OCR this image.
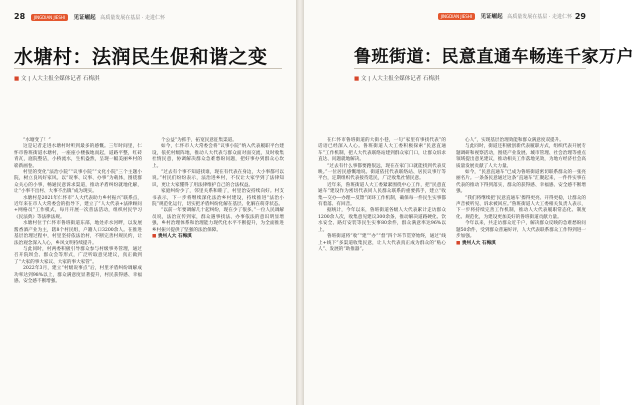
28 JINGDIAN JIESHI 见证崛起 高质量发展在基层 · 走进仁怀
水塘村：法润民生促和谐之变
■ 文 | 人大主报全媒体记者 石梅淇

“水塘变了！”

这是记者走进水塘村时听到最多的感慨。三年时间里，仁怀市鲁班街道水塘村，一座座小楼拔地而起，道路平整，红砖青瓦，庭院整洁，小桥流水，生机盎然，呈现一幅美丽乡村的崭新画卷。

村里的变化“法治小院”“议事小院”“文化小院”三个主题小院，树立良风好家风。以“说事、议事、办事”为载体，围绕群众关心的小事，畅通民意诉求渠道，推动矛盾纠纷就地化解，让“小事不出村、大事不出镇”成为现实。

水塘村是2021年仁怀市“人大代表助力乡村振兴”联系点，近年来在市人大常委会的指导下，建立了“人大代表+法律顾问+网格员”工作模式，每月开展一次普法活动，组织村民学习《民法典》等法律法规。

水塘村位于仁怀市鲁班街道东部，地处赤水河畔，以发展酱香酒产业为主，辖8个村民组，户籍人口3200余人。在推进基层治理过程中，村里坚持依法治村，不断完善村规民约，让法治观念深入人心，乡风文明持续提升。

与此同时，村两委积极引导群众参与村级事务管理，通过召开院坝会、群众会等形式，广泛听取意见建议，真正做到了“大家的事大家议、大家的事大家管”。

2022年3月，建立“村级说事点”后，村里矛盾纠纷调解成功率达到98%以上，群众满意度显著提升，村民获得感、幸福感、安全感不断增强。

个公益”为抓手，拓宽民意征集渠道。

如今，仁怀市人大常委会将“议事小院”纳入代表履职平台建设，依托村级阵地，推动人大代表与群众面对面交流，及时收集社情民意，协调解决群众急难愁盼问题，把好事办到群众心坎上。

“过去有个事不知道找谁，现在有代表在身边，大小事都可以说。”村民们纷纷表示，法治进乡村，不仅让大家学到了法律知识，更让大家懂得了用法律维护自己的合法权益。

家庭纠纷少了，邻里关系和睦了，村里治安持续向好。村支书表示，下一步将继续深化法治乡村建设，持续推进“法治小院”规范化运行，切实把矛盾纠纷化解在基层、化解在萌芽状态。

“以前一年要调解几十起纠纷，现在少了很多。”一位人民调解员说，法治宣传到家，群众遇事找法、办事依法的意识明显增强，乡村治理体系和治理能力现代化水平不断提升，为全面推进乡村振兴提供了坚强的法治保障。

■ 贵州人大 石梅淇
JINGDIAN JIESHI 见证崛起 高质量发展在基层 · 走进仁怀 29
鲁班街道：民意直通车畅连千家万户
■ 文 | 人大主报全媒体记者 石梅淇

在仁怀市鲁班街道的大街小巷，一句“家里有事找代表”的话语已经深入人心。鲁班街道人大工委积极探索“民意直通车”工作机制，把人大代表联络站建到群众家门口，让群众诉求直达、问题就地解决。

“过去有什么事都要跑很远，现在在家门口就能找到代表反映。”一位居民感慨地说。街道依托代表联络站、居民议事厅等平台，定期组织代表接待选民，广泛收集社情民意。

近年来，鲁班街道人大工委紧紧围绕中心工作，把“民意直通车”建设作为密切代表同人民群众联系的重要抓手，建立“收集—交办—办理—反馈”闭环工作机制，确保每一件民生实事都有着落、有回音。

据统计，今年以来，鲁班街道各级人大代表累计走访群众1200余人次，收集意见建议300余条，推动解决道路硬化、饮水安全、路灯安装等民生实事80余件，群众满意率达96%以上。

鲁班街道将“收”“建”“办”“督”四个环节贯穿始终，通过“线上+线下”多渠道收集民意，让人大代表真正成为群众的“贴心人”、发展的“助推器”。

心人”，实现基层治理效能和群众满意度双提升。

与此同时，街道还积极创新代表履职方式，组织代表开展专题调研和视察活动，围绕产业发展、城市管理、社会治理等重点领域提出意见建议，推动相关工作落地见效，为地方经济社会高质量发展贡献了人大力量。

如今，“民意直通车”已成为鲁班街道密切联系群众的一张亮丽名片。一条条民意通过这条“直通车”汇聚起来，一件件实事在代表的推动下得到落实，群众的获得感、幸福感、安全感不断增强。

“我们将继续把‘民意直通车’擦得更亮、开得更稳，让群众的声音被听见、诉求被回应。”鲁班街道人大工委相关负责人表示，下一步将持续完善工作机制，推动人大代表履职常态化、制度化、规范化，为建设更加美好的鲁班街道贡献力量。

今年以来，共走访群众近千户，解决群众反映的急难愁盼问题50余件，受到群众普遍好评，人大代表联系群众工作得到进一步加强。

■ 贵州人大 石梅淇
